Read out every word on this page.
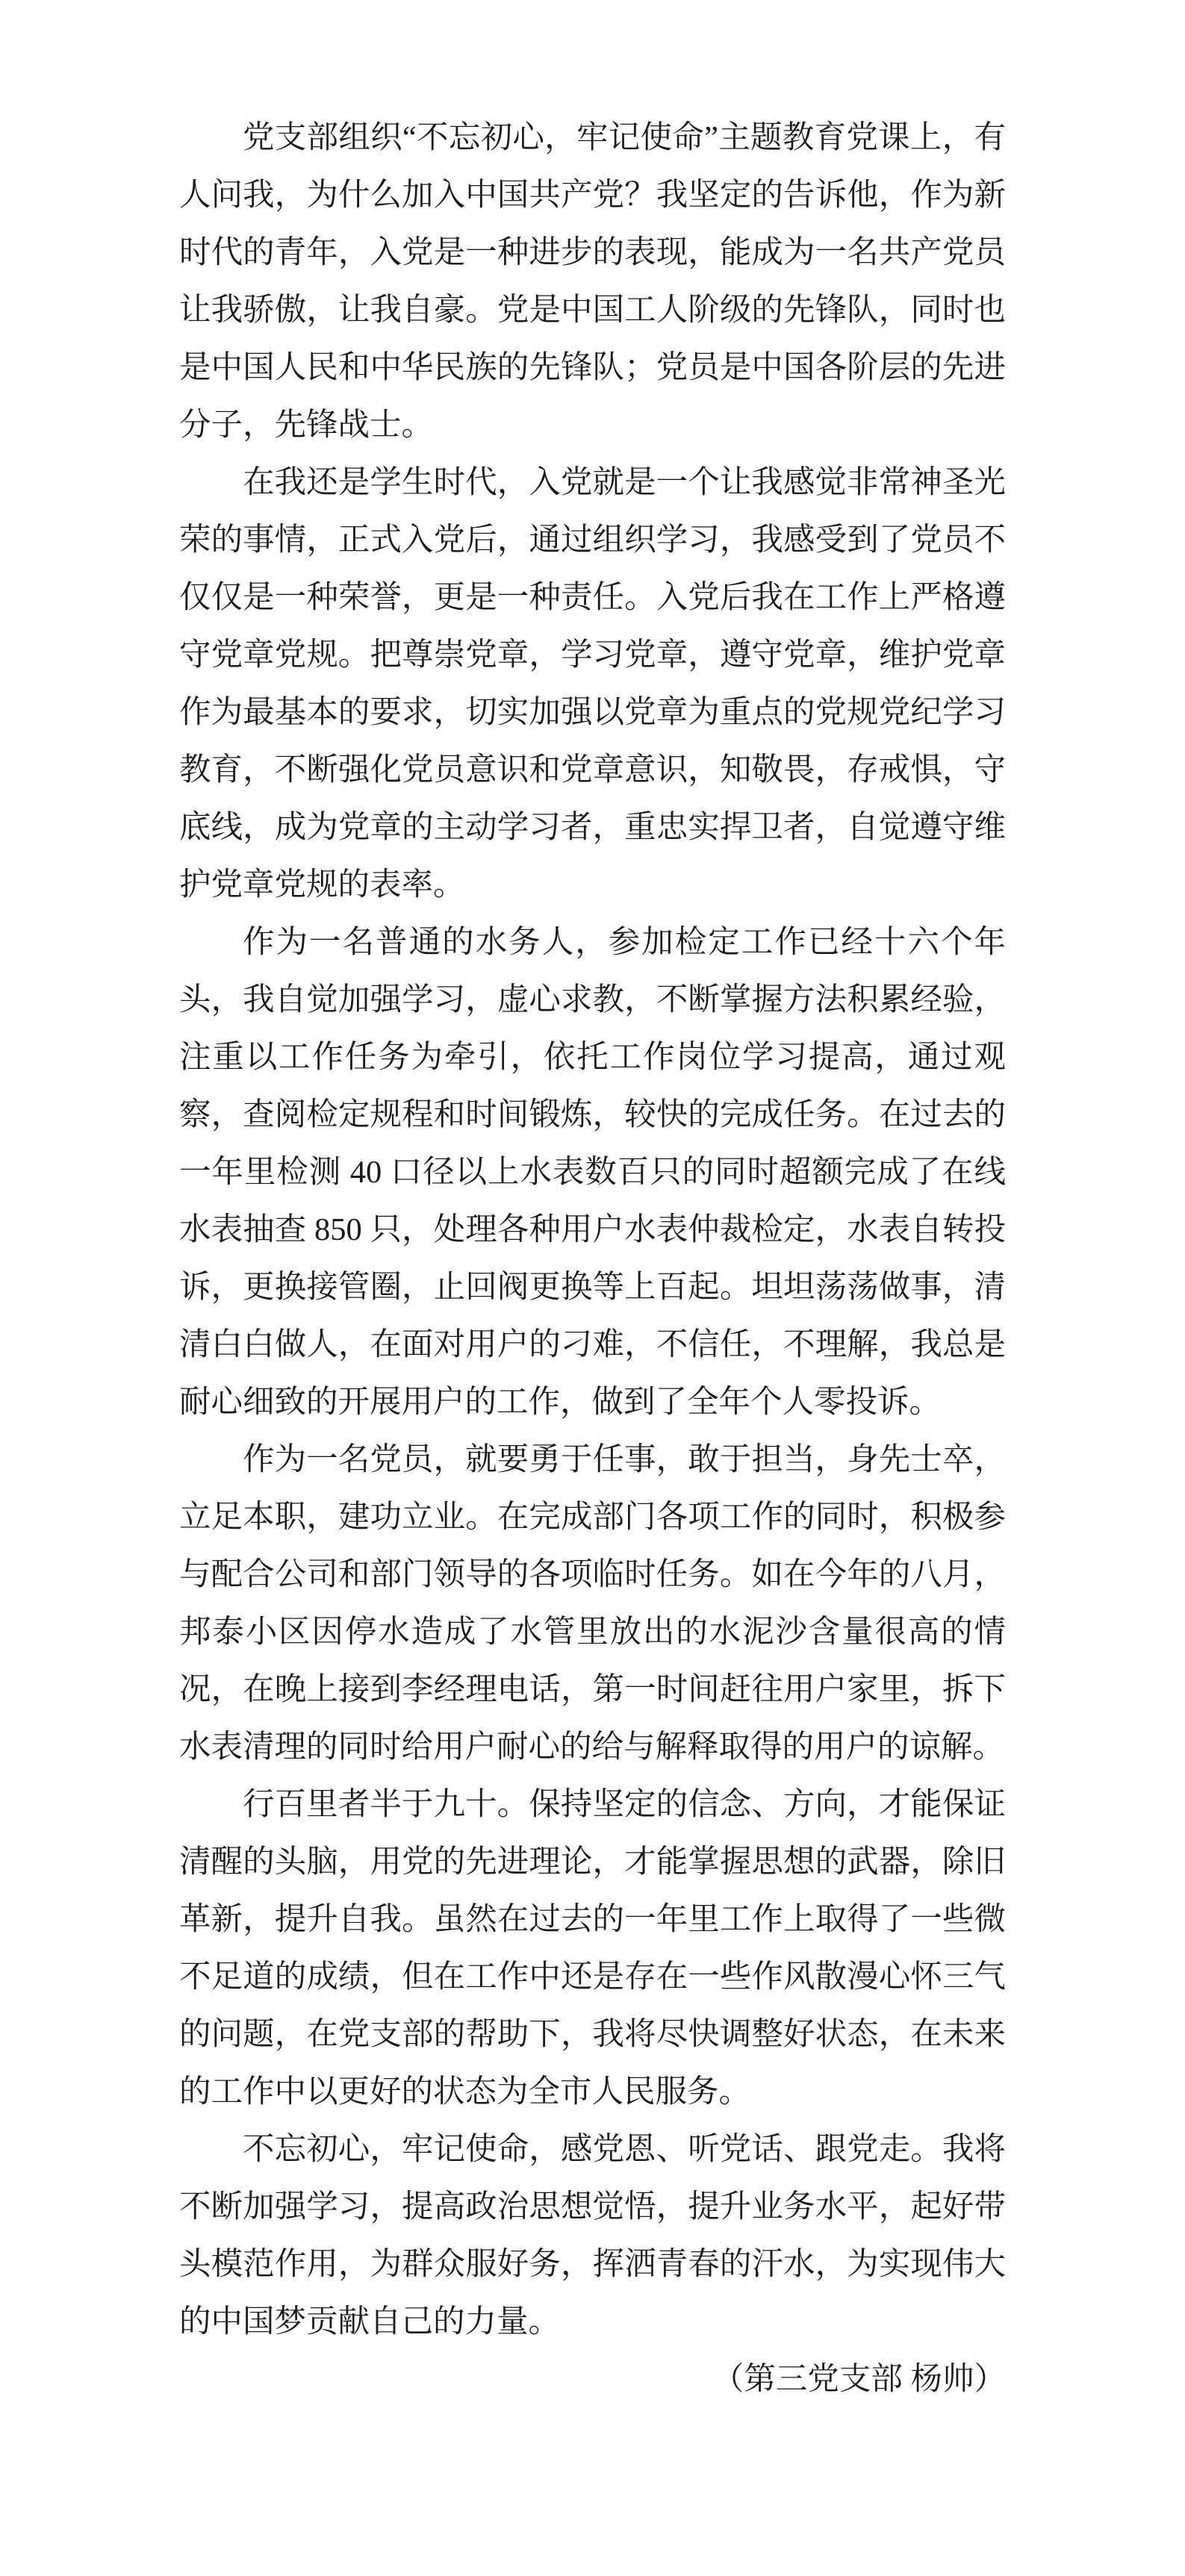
党支部组织“不忘初心，牢记使命”主题教育党课上，有人问我，为什么加入中国共产党？我坚定的告诉他，作为新时代的青年，入党是一种进步的表现，能成为一名共产党员让我骄傲，让我自豪。党是中国工人阶级的先锋队，同时也是中国人民和中华民族的先锋队；党员是中国各阶层的先进分子，先锋战士。

在我还是学生时代，入党就是一个让我感觉非常神圣光荣的事情，正式入党后，通过组织学习，我感受到了党员不仅仅是一种荣誉，更是一种责任。入党后我在工作上严格遵守党章党规。把尊崇党章，学习党章，遵守党章，维护党章作为最基本的要求，切实加强以党章为重点的党规党纪学习教育，不断强化党员意识和党章意识，知敬畏，存戒惧，守底线，成为党章的主动学习者，重忠实捍卫者，自觉遵守维护党章党规的表率。

作为一名普通的水务人，参加检定工作已经十六个年头，我自觉加强学习，虚心求教，不断掌握方法积累经验，注重以工作任务为牵引，依托工作岗位学习提高，通过观察，查阅检定规程和时间锻炼，较快的完成任务。在过去的一年里检测 40 口径以上水表数百只的同时超额完成了在线水表抽查 850 只，处理各种用户水表仲裁检定，水表自转投诉，更换接管圈，止回阀更换等上百起。坦坦荡荡做事，清清白白做人，在面对用户的刁难，不信任，不理解，我总是耐心细致的开展用户的工作，做到了全年个人零投诉。

作为一名党员，就要勇于任事，敢于担当，身先士卒，立足本职，建功立业。在完成部门各项工作的同时，积极参与配合公司和部门领导的各项临时任务。如在今年的八月，邦泰小区因停水造成了水管里放出的水泥沙含量很高的情况，在晚上接到李经理电话，第一时间赶往用户家里，拆下水表清理的同时给用户耐心的给与解释取得的用户的谅解。

行百里者半于九十。保持坚定的信念、方向，才能保证清醒的头脑，用党的先进理论，才能掌握思想的武器，除旧革新，提升自我。虽然在过去的一年里工作上取得了一些微不足道的成绩，但在工作中还是存在一些作风散漫心怀三气的问题，在党支部的帮助下，我将尽快调整好状态，在未来的工作中以更好的状态为全市人民服务。

不忘初心，牢记使命，感党恩、听党话、跟党走。我将不断加强学习，提高政治思想觉悟，提升业务水平，起好带头模范作用，为群众服好务，挥洒青春的汗水，为实现伟大的中国梦贡献自己的力量。

（第三党支部 杨帅）
